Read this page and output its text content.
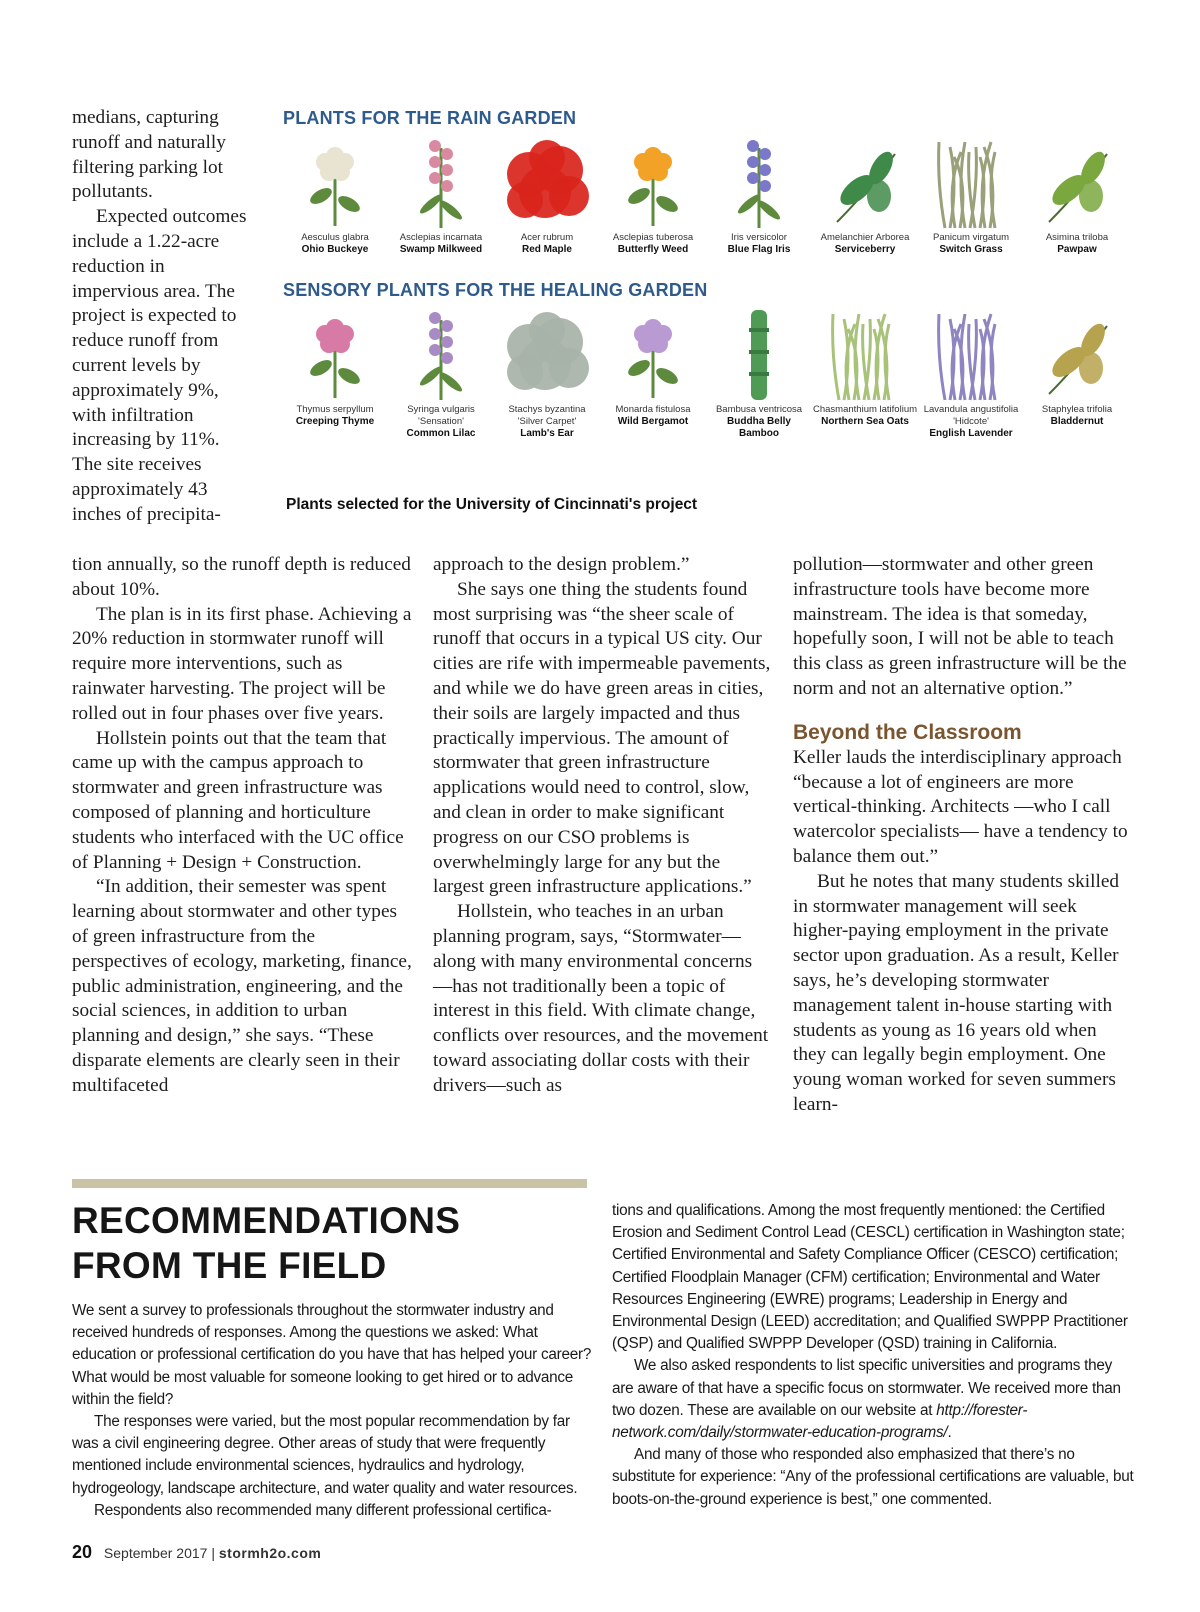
medians, capturing runoff and naturally filtering parking lot pollutants.

Expected outcomes include a 1.22-acre reduction in impervious area. The project is expected to reduce runoff from current levels by approximately 9%, with infiltration increasing by 11%. The site receives approximately 43 inches of precipita-

PLANTS FOR THE RAIN GARDEN
SENSORY PLANTS FOR THE HEALING GARDEN
Aesculus glabra
Ohio Buckeye
Asclepias incarnata
Swamp Milkweed
Acer rubrum
Red Maple
Asclepias tuberosa
Butterfly Weed
Iris versicolor
Blue Flag Iris
Amelanchier Arborea
Serviceberry
Panicum virgatum
Switch Grass
Asimina triloba
Pawpaw
Thymus serpyllum
Creeping Thyme
Syringa vulgaris 'Sensation'
Common Lilac
Stachys byzantina 'Silver Carpet'
Lamb's Ear
Monarda fistulosa
Wild Bergamot
Bambusa ventricosa
Buddha Belly Bamboo
Chasmanthium latifolium
Northern Sea Oats
Lavandula angustifolia 'Hidcote'
English Lavender
Staphylea trifolia
Bladdernut
Plants selected for the University of Cincinnati's project

tion annually, so the runoff depth is reduced about 10%.

The plan is in its first phase. Achieving a 20% reduction in stormwater runoff will require more interventions, such as rainwater harvesting. The project will be rolled out in four phases over five years.

Hollstein points out that the team that came up with the campus approach to stormwater and green infrastructure was composed of planning and horticulture students who interfaced with the UC office of Planning + Design + Construction.

“In addition, their semester was spent learning about stormwater and other types of green infrastructure from the perspectives of ecology, marketing, finance, public administration, engineering, and the social sciences, in addition to urban planning and design,” she says. “These disparate elements are clearly seen in their multifaceted

approach to the design problem.”

She says one thing the students found most surprising was “the sheer scale of runoff that occurs in a typical US city. Our cities are rife with impermeable pavements, and while we do have green areas in cities, their soils are largely impacted and thus practically impervious. The amount of stormwater that green infrastructure applications would need to control, slow, and clean in order to make significant progress on our CSO problems is overwhelmingly large for any but the largest green infrastructure applications.”

Hollstein, who teaches in an urban planning program, says, “Stormwater—along with many environmental concerns—has not traditionally been a topic of interest in this field. With climate change, conflicts over resources, and the movement toward associating dollar costs with their drivers—such as

pollution—stormwater and other green infrastructure tools have become more mainstream. The idea is that someday, hopefully soon, I will not be able to teach this class as green infrastructure will be the norm and not an alternative option.”

Beyond the Classroom

Keller lauds the interdisciplinary approach “because a lot of engineers are more vertical-thinking. Architects —who I call watercolor specialists— have a tendency to balance them out.”

But he notes that many students skilled in stormwater management will seek higher-paying employment in the private sector upon graduation. As a result, Keller says, he’s developing stormwater management talent in-house starting with students as young as 16 years old when they can legally begin employment. One young woman worked for seven summers learn-

RECOMMENDATIONS
FROM THE FIELD

We sent a survey to professionals throughout the stormwater industry and received hundreds of responses. Among the questions we asked: What education or professional certification do you have that has helped your career? What would be most valuable for someone looking to get hired or to advance within the field?

The responses were varied, but the most popular recommendation by far was a civil engineering degree. Other areas of study that were frequently mentioned include environmental sciences, hydraulics and hydrology, hydrogeology, landscape architecture, and water quality and water resources.

Respondents also recommended many different professional certifica-

tions and qualifications. Among the most frequently mentioned: the Certified Erosion and Sediment Control Lead (CESCL) certification in Washington state; Certified Environmental and Safety Compliance Officer (CESCO) certification; Certified Floodplain Manager (CFM) certification; Environmental and Water Resources Engineering (EWRE) programs; Leadership in Energy and Environmental Design (LEED) accreditation; and Qualified SWPPP Practitioner (QSP) and Qualified SWPPP Developer (QSD) training in California.

We also asked respondents to list specific universities and programs they are aware of that have a specific focus on stormwater. We received more than two dozen. These are available on our website at http://forester-network.com/daily/stormwater-education-programs/.

And many of those who responded also emphasized that there’s no substitute for experience: “Any of the professional certifications are valuable, but boots-on-the-ground experience is best,” one commented.

20 September 2017 | stormh2o.com
